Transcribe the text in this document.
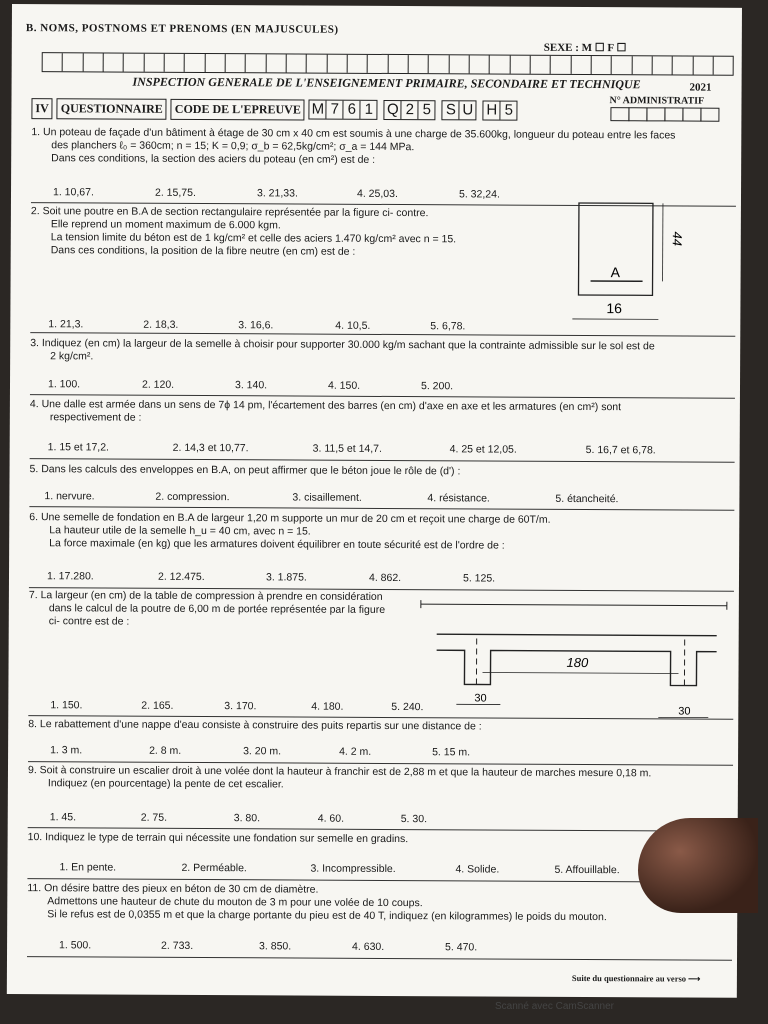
B. NOMS, POSTNOMS ET PRENOMS (EN MAJUSCULES)
SEXE : M ☐ F ☐
INSPECTION GENERALE DE L'ENSEIGNEMENT PRIMAIRE, SECONDAIRE ET TECHNIQUE	2021
IV QUESTIONNAIRE CODE DE L'EPREUVE M 7 6 1 Q 2 5 S U H 5
N° ADMINISTRATIF
1. Un poteau de façade d'un bâtiment à étage de 30 cm x 40 cm est soumis à une charge de 35.600kg, longueur du poteau entre les faces
des planchers ℓ₀ = 360cm; n = 15; K = 0,9; σ_b = 62,5kg/cm²; σ_a = 144 MPa.
Dans ces conditions, la section des aciers du poteau (en cm²) est de :
1. 10,67.	2. 15,75.	3. 21,33.	4. 25,03.	5. 32,24.
2. Soit une poutre en B.A de section rectangulaire représentée par la figure ci- contre.
Elle reprend un moment maximum de 6.000 kgm.
La tension limite du béton est de 1 kg/cm² et celle des aciers 1.470 kg/cm² avec n = 15.
Dans ces conditions, la position de la fibre neutre (en cm) est de :
1. 21,3.	2. 18,3.	3. 16,6.	4. 10,5.	5. 6,78.
3. Indiquez (en cm) la largeur de la semelle à choisir pour supporter 30.000 kg/m sachant que la contrainte admissible sur le sol est de
2 kg/cm².
1. 100.	2. 120.	3. 140.	4. 150.	5. 200.
4. Une dalle est armée dans un sens de 7ϕ 14 pm, l'écartement des barres (en cm) d'axe en axe et les armatures (en cm²) sont
respectivement de :
1. 15 et 17,2.	2. 14,3 et 10,77.	3. 11,5 et 14,7.	4. 25 et 12,05.	5. 16,7 et 6,78.
5. Dans les calculs des enveloppes en B.A, on peut affirmer que le béton joue le rôle de (d') :
1. nervure.	2. compression.	3. cisaillement.	4. résistance.	5. étancheité.
6. Une semelle de fondation en B.A de largeur 1,20 m supporte un mur de 20 cm et reçoit une charge de 60T/m.
La hauteur utile de la semelle h_u = 40 cm, avec n = 15.
La force maximale (en kg) que les armatures doivent équilibrer en toute sécurité est de l'ordre de :
1. 17.280.	2. 12.475.	3. 1.875.	4. 862.	5. 125.
7. La largeur (en cm) de la table de compression à prendre en considération
dans le calcul de la poutre de 6,00 m de portée représentée par la figure
ci- contre est de :
1. 150.	2. 165.	3. 170.	4. 180.	5. 240.
8. Le rabattement d'une nappe d'eau consiste à construire des puits repartis sur une distance de :
1. 3 m.	2. 8 m.	3. 20 m.	4. 2 m.	5. 15 m.
9. Soit à construire un escalier droit à une volée dont la hauteur à franchir est de 2,88 m et que la hauteur de marches mesure 0,18 m.
Indiquez (en pourcentage) la pente de cet escalier.
1. 45.	2. 75.	3. 80.	4. 60.	5. 30.
10. Indiquez le type de terrain qui nécessite une fondation sur semelle en gradins.
1. En pente.	2. Perméable.	3. Incompressible.	4. Solide.	5. Affouillable.
11. On désire battre des pieux en béton de 30 cm de diamètre.
Admettons une hauteur de chute du mouton de 3 m pour une volée de 10 coups.
Si le refus est de 0,0355 m et que la charge portante du pieu est de 40 T, indiquez (en kilogrammes) le poids du mouton.
1. 500.	2. 733.	3. 850.	4. 630.	5. 470.
A
44
16
180
30
30
Suite du questionnaire au verso ⟶
Scanné avec CamScanner
